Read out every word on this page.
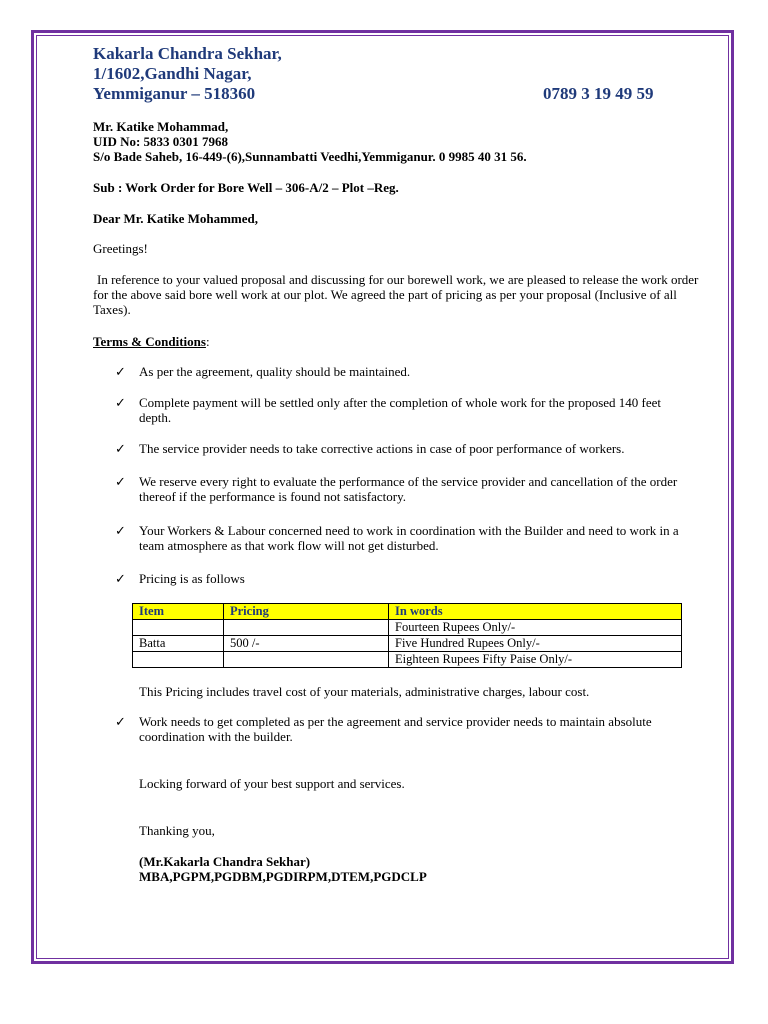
Kakarla Chandra Sekhar,
1/1602,Gandhi Nagar,
Yemmiganur – 518360	0789 3 19 49 59
Mr. Katike Mohammad,
UID No: 5833 0301 7968
S/o Bade Saheb, 16-449-(6),Sunnambatti Veedhi,Yemmiganur. 0 9985 40 31 56.
Sub : Work Order for Bore Well – 306-A/2 – Plot –Reg.
Dear Mr. Katike Mohammed,
Greetings!
In reference to your valued proposal and discussing for our borewell work, we are pleased to release the work order for the above said bore well work at our plot. We agreed the part of pricing as per your proposal (Inclusive of all Taxes).
Terms & Conditions:
✓ As per the agreement, quality should be maintained.
✓ Complete payment will be settled only after the completion of whole work for the proposed 140 feet depth.
✓ The service provider needs to take corrective actions in case of poor performance of workers.
✓ We reserve every right to evaluate the performance of the service provider and cancellation of the order thereof if the performance is found not satisfactory.
✓ Your Workers & Labour concerned need to work in coordination with the Builder and need to work in a team atmosphere as that work flow will not get disturbed.
✓ Pricing is as follows
Item	Pricing	In words
		Fourteen Rupees Only/-
Batta	500 /-	Five Hundred Rupees Only/-
		Eighteen Rupees Fifty Paise Only/-
This Pricing includes travel cost of your materials, administrative charges, labour cost.
✓ Work needs to get completed as per the agreement and service provider needs to maintain absolute coordination with the builder.
Locking forward of your best support and services.
Thanking you,
(Mr.Kakarla Chandra Sekhar)
MBA,PGPM,PGDBM,PGDIRPM,DTEM,PGDCLP
